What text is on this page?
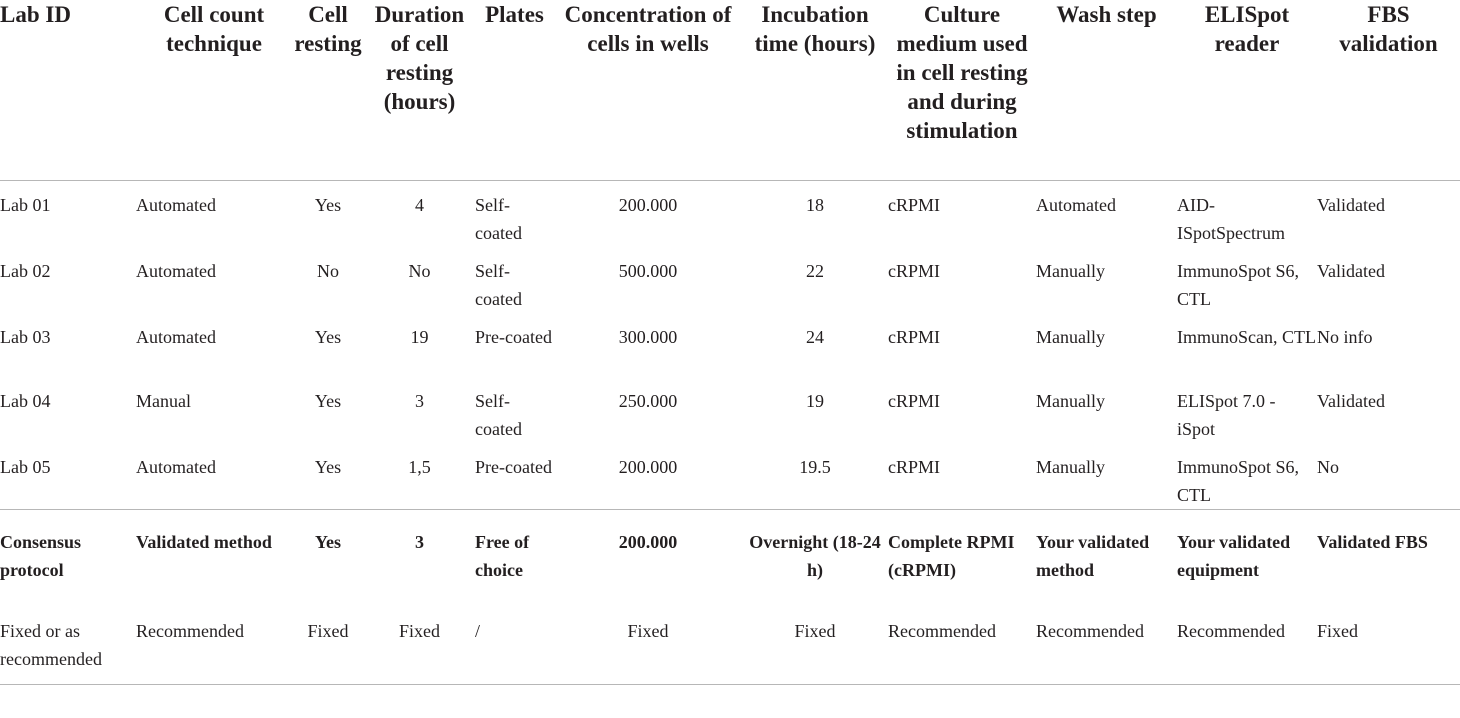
Lab ID	Cell count technique	Cell resting	Duration of cell resting (hours)	Plates	Concentration of cells in wells	Incubation time (hours)	Culture medium used in cell resting and during stimulation	Wash step	ELISpot reader	FBS validation

Lab 01	Automated	Yes	4	Self-coated	200.000	18	cRPMI	Automated	AID-ISpotSpectrum	Validated
Lab 02	Automated	No	No	Self-coated	500.000	22	cRPMI	Manually	ImmunoSpot S6, CTL	Validated
Lab 03	Automated	Yes	19	Pre-coated	300.000	24	cRPMI	Manually	ImmunoScan, CTL	No info
Lab 04	Manual	Yes	3	Self-coated	250.000	19	cRPMI	Manually	ELISpot 7.0 - iSpot	Validated
Lab 05	Automated	Yes	1,5	Pre-coated	200.000	19.5	cRPMI	Manually	ImmunoSpot S6, CTL	No
Consensus protocol	Validated method	Yes	3	Free of choice	200.000	Overnight (18-24 h)	Complete RPMI (cRPMI)	Your validated method	Your validated equipment	Validated FBS
Fixed or as recommended	Recommended	Fixed	Fixed	/	Fixed	Fixed	Recommended	Recommended	Recommended	Fixed
